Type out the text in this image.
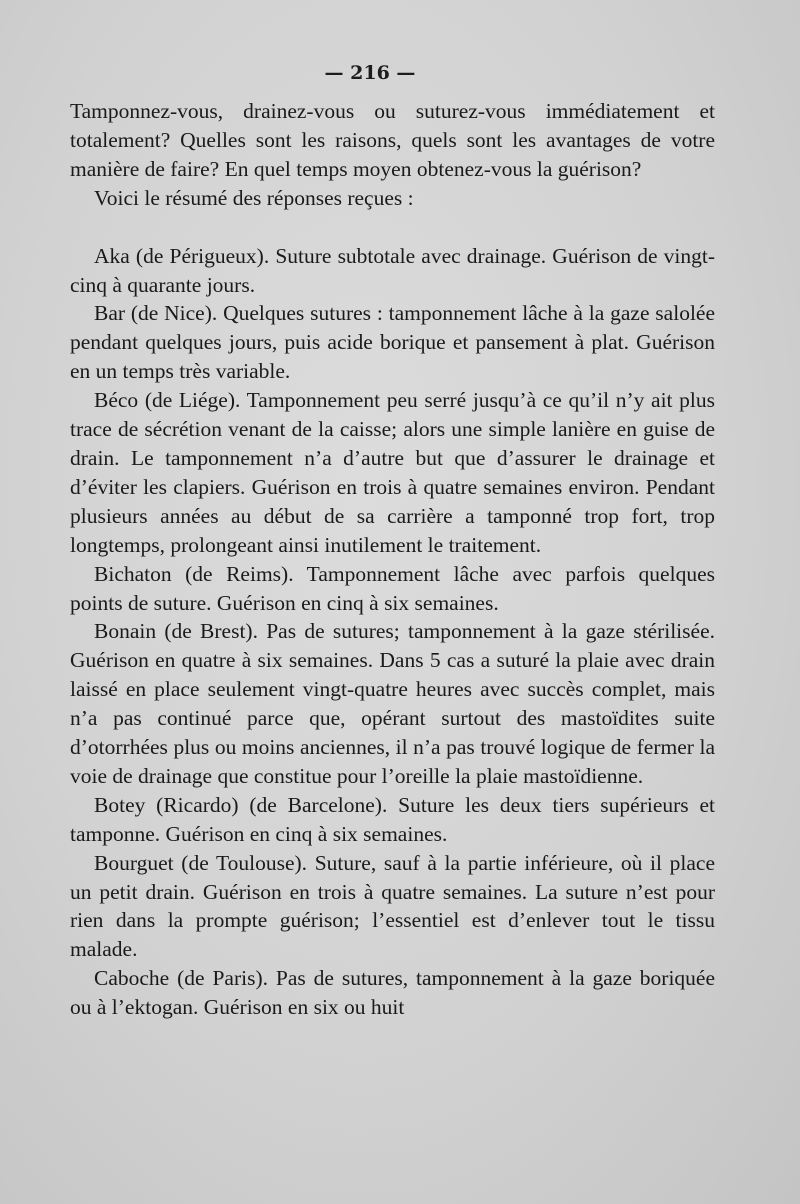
— 216 —

Tamponnez-vous, drainez-vous ou suturez-vous immédiatement et totalement? Quelles sont les raisons, quels sont les avantages de votre manière de faire? En quel temps moyen obtenez-vous la guérison?

Voici le résumé des réponses reçues :

Aka (de Périgueux). Suture subtotale avec drainage. Guérison de vingt-cinq à quarante jours.

Bar (de Nice). Quelques sutures : tamponnement lâche à la gaze salolée pendant quelques jours, puis acide borique et pansement à plat. Guérison en un temps très variable.

Béco (de Liége). Tamponnement peu serré jusqu’à ce qu’il n’y ait plus trace de sécrétion venant de la caisse; alors une simple lanière en guise de drain. Le tamponnement n’a d’autre but que d’assurer le drainage et d’éviter les clapiers. Guérison en trois à quatre semaines environ. Pendant plusieurs années au début de sa carrière a tamponné trop fort, trop longtemps, prolongeant ainsi inutilement le traitement.

Bichaton (de Reims). Tamponnement lâche avec parfois quelques points de suture. Guérison en cinq à six semaines.

Bonain (de Brest). Pas de sutures; tamponnement à la gaze stérilisée. Guérison en quatre à six semaines. Dans 5 cas a suturé la plaie avec drain laissé en place seulement vingt-quatre heures avec succès complet, mais n’a pas continué parce que, opérant surtout des mastoïdites suite d’otorrhées plus ou moins anciennes, il n’a pas trouvé logique de fermer la voie de drainage que constitue pour l’oreille la plaie mastoïdienne.

Botey (Ricardo) (de Barcelone). Suture les deux tiers supérieurs et tamponne. Guérison en cinq à six semaines.

Bourguet (de Toulouse). Suture, sauf à la partie inférieure, où il place un petit drain. Guérison en trois à quatre semaines. La suture n’est pour rien dans la prompte guérison; l’essentiel est d’enlever tout le tissu malade.

Caboche (de Paris). Pas de sutures, tamponnement à la gaze boriquée ou à l’ektogan. Guérison en six ou huit
